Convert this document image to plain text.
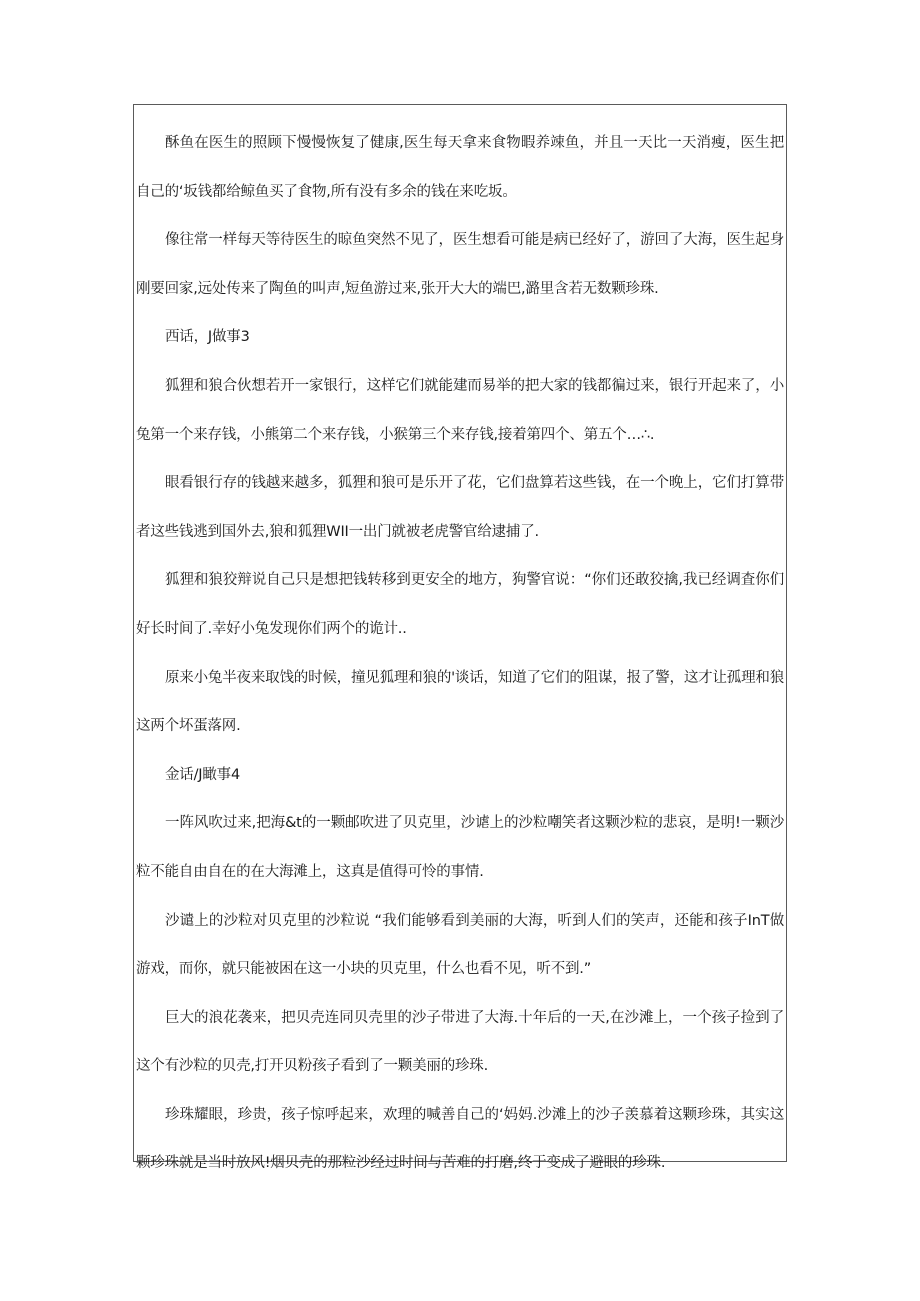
酥鱼在医生的照顾下慢慢恢复了健康,医生每天拿来食物暇养竦鱼，并且一天比一天消瘦，医生把自己的‘坂钱都给鲸鱼买了食物,所有没有多余的钱在来吃坂。

像往常一样每天等待医生的晾鱼突然不见了，医生想看可能是病已经好了，游回了大海，医生起身刚要回家,远处传来了陶鱼的叫声,短鱼游过来,张开大大的端巴,潞里含若无数颗珍珠.

西话，J做事3

狐狸和狼合伙想若开一家银行，这样它们就能建而易举的把大家的钱都徧过来，银行开起来了，小兔第一个来存钱，小熊第二个来存钱，小猴第三个来存钱,接着第四个、第五个…∴.

眼看银行存的钱越来越多，狐狸和狼可是乐开了花，它们盘算若这些钱，在一个晚上，它们打算带者这些钱逃到国外去,狼和狐狸WII一出门就被老虎警官给逮捕了.

狐狸和狼狡辩说自己只是想把钱转移到更安全的地方，狗警官说：“你们还敢狡擒,我已经调査你们好长时间了.幸好小兔发现你们两个的诡计..

原来小兔半夜来取饯的时候，撞见狐理和狼的'谈话，知道了它们的阻谋，报了警，这才让孤理和狼这两个坏蛋落网.

金话/J瞰事4

一阵风吹过来,把海&t的一颗邮吹进了贝克里，沙谑上的沙粒嘲笑者这颗沙粒的悲哀，是明!一颗沙粒不能自由自在的在大海滩上，这真是值得可怜的事情.

沙谴上的沙粒对贝克里的沙粒说 “我们能够看到美丽的大海，听到人们的笑声，还能和孩子InT做游戏，而你，就只能被困在这一小块的贝克里，什么也看不见，听不到.”

巨大的浪花袭来，把贝壳连同贝壳里的沙子带进了大海.十年后的一天,在沙滩上，一个孩子捡到了这个有沙粒的贝壳,打开贝粉孩子看到了一颗美丽的珍珠.

珍珠耀眼，珍贵，孩子惊呼起来，欢理的喊善自己的‘妈妈.沙滩上的沙子羡慕着这颗珍珠，其实这颗珍珠就是当时放风!烟贝壳的那粒沙经过时间与苦难的打磨,终于变成了避眼的珍珠.
